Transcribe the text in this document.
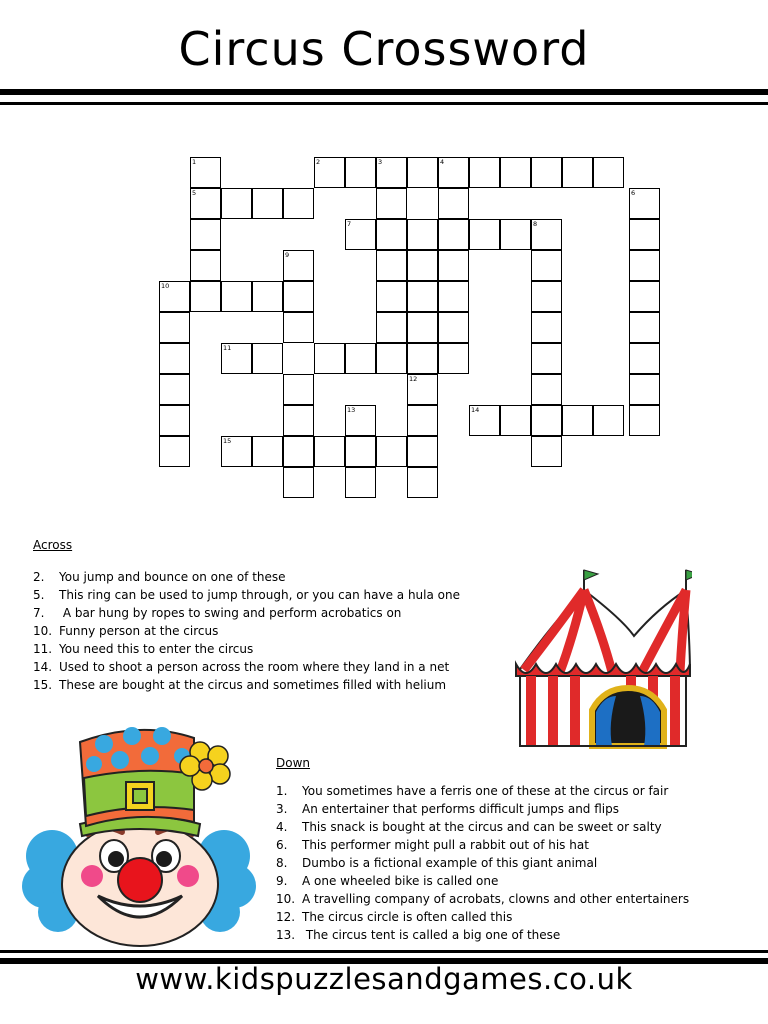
Circus Crossword
1	2	3	4
5	6
7	8
9
10
11
12
13	14
15
Across
2. You jump and bounce on one of these
5. This ring can be used to jump through, or you can have a hula one
7. A bar hung by ropes to swing and perform acrobatics on
10. Funny person at the circus
11. You need this to enter the circus
14. Used to shoot a person across the room where they land in a net
15. These are bought at the circus and sometimes filled with helium
Down
1. You sometimes have a ferris one of these at the circus or fair
3. An entertainer that performs difficult jumps and flips
4. This snack is bought at the circus and can be sweet or salty
6. This performer might pull a rabbit out of his hat
8. Dumbo is a fictional example of this giant animal
9. A one wheeled bike is called one
10. A travelling company of acrobats, clowns and other entertainers
12. The circus circle is often called this
13. The circus tent is called a big one of these
www.kidspuzzlesandgames.co.uk
